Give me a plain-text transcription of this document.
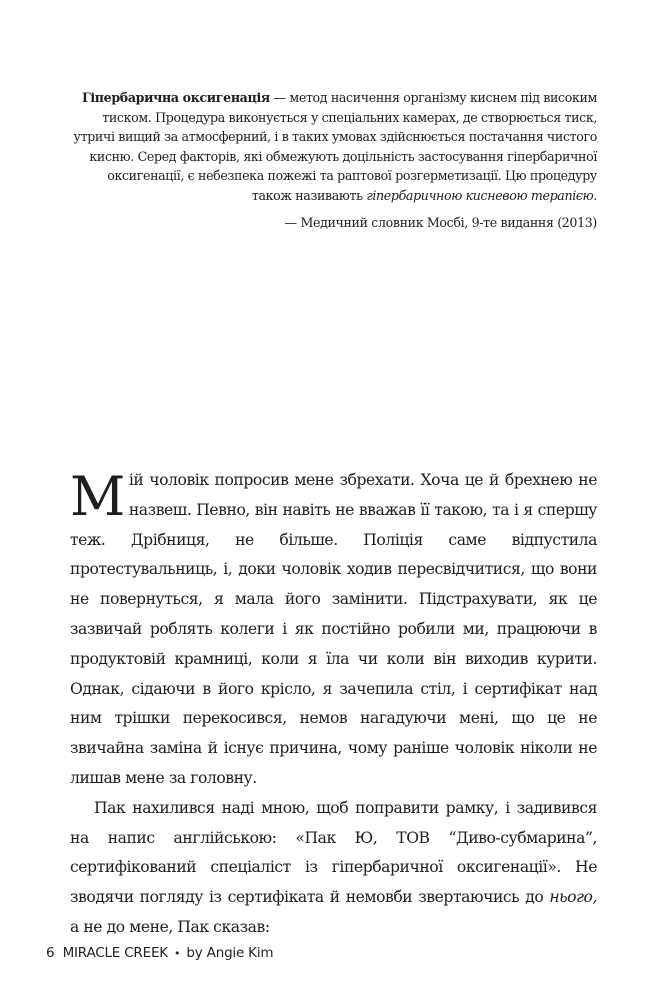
Гіпербарична оксигенація — метод насичення організму киснем під високим тиском. Процедура виконується у спеціальних камерах, де створюється тиск, утричі вищий за атмосферний, і в таких умовах здійснюється постачання чистого кисню. Серед факторів, які обмежують доцільність застосування гіпербаричної оксигенації, є небезпека пожежі та раптової розгерметизації. Цю процедуру також називають гіпербаричною кисневою терапією.

— Медичний словник Мосбі, 9-те видання (2013)

Мій чоловік попросив мене збрехати. Хоча це й брехнею не назвеш. Певно, він навіть не вважав її такою, та і я спершу теж. Дрібниця, не більше. Поліція саме відпустила протестувальниць, і, доки чоловік ходив пересвідчитися, що вони не повернуться, я мала його замінити. Підстрахувати, як це зазвичай роблять колеги і як постійно робили ми, працюючи в продуктовій крамниці, коли я їла чи коли він виходив курити. Однак, сідаючи в його крісло, я зачепила стіл, і сертифікат над ним трішки перекосився, немов нагадуючи мені, що це не звичайна заміна й існує причина, чому раніше чоловік ніколи не лишав мене за головну.

Пак нахилився наді мною, щоб поправити рамку, і задивився на напис англійською: «Пак Ю, ТОВ “Диво-субмарина”, сертифікований спеціаліст із гіпербаричної оксигенації». Не зводячи погляду із сертифіката й немовби звертаючись до нього, а не до мене, Пак сказав:

6 MIRACLE CREEK • by Angie Kim
